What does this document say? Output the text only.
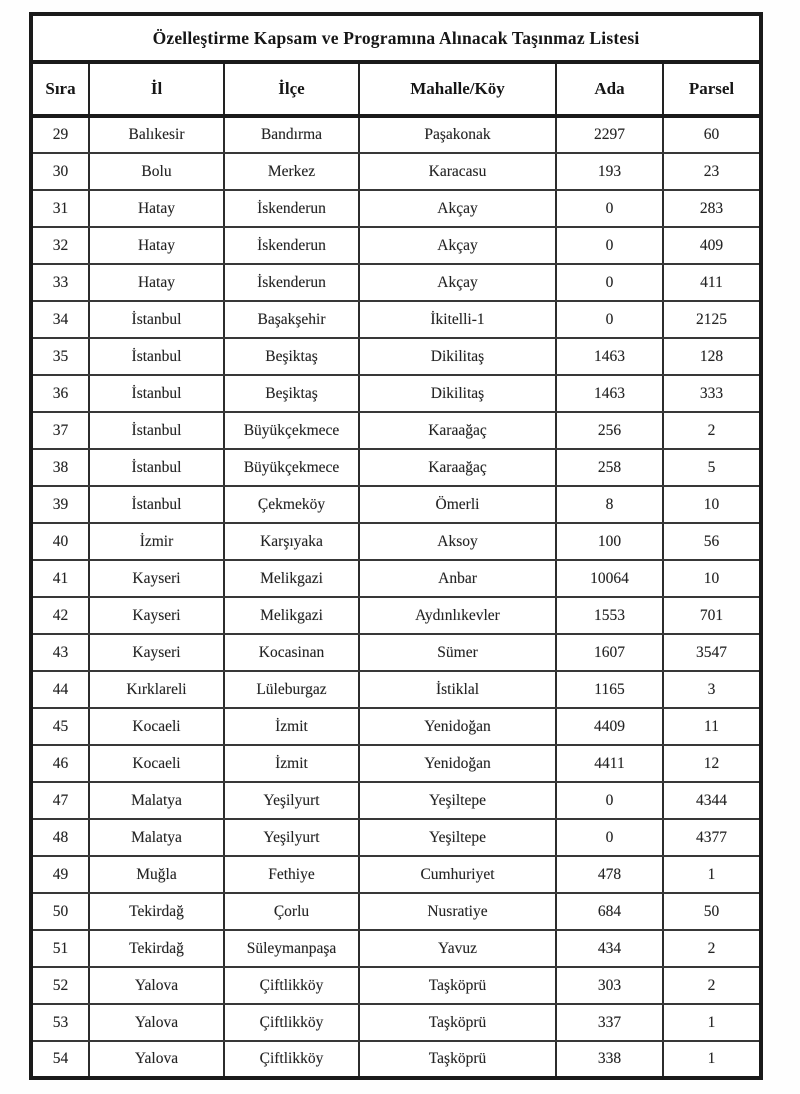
Özelleştirme Kapsam ve Programına Alınacak Taşınmaz Listesi					
Sıra	İl	İlçe	Mahalle/Köy	Ada	Parsel
29	Balıkesir	Bandırma	Paşakonak	2297	60
30	Bolu	Merkez	Karacasu	193	23
31	Hatay	İskenderun	Akçay	0	283
32	Hatay	İskenderun	Akçay	0	409
33	Hatay	İskenderun	Akçay	0	411
34	İstanbul	Başakşehir	İkitelli-1	0	2125
35	İstanbul	Beşiktaş	Dikilitaş	1463	128
36	İstanbul	Beşiktaş	Dikilitaş	1463	333
37	İstanbul	Büyükçekmece	Karaağaç	256	2
38	İstanbul	Büyükçekmece	Karaağaç	258	5
39	İstanbul	Çekmeköy	Ömerli	8	10
40	İzmir	Karşıyaka	Aksoy	100	56
41	Kayseri	Melikgazi	Anbar	10064	10
42	Kayseri	Melikgazi	Aydınlıkevler	1553	701
43	Kayseri	Kocasinan	Sümer	1607	3547
44	Kırklareli	Lüleburgaz	İstiklal	1165	3
45	Kocaeli	İzmit	Yenidoğan	4409	11
46	Kocaeli	İzmit	Yenidoğan	4411	12
47	Malatya	Yeşilyurt	Yeşiltepe	0	4344
48	Malatya	Yeşilyurt	Yeşiltepe	0	4377
49	Muğla	Fethiye	Cumhuriyet	478	1
50	Tekirdağ	Çorlu	Nusratiye	684	50
51	Tekirdağ	Süleymanpaşa	Yavuz	434	2
52	Yalova	Çiftlikköy	Taşköprü	303	2
53	Yalova	Çiftlikköy	Taşköprü	337	1
54	Yalova	Çiftlikköy	Taşköprü	338	1
